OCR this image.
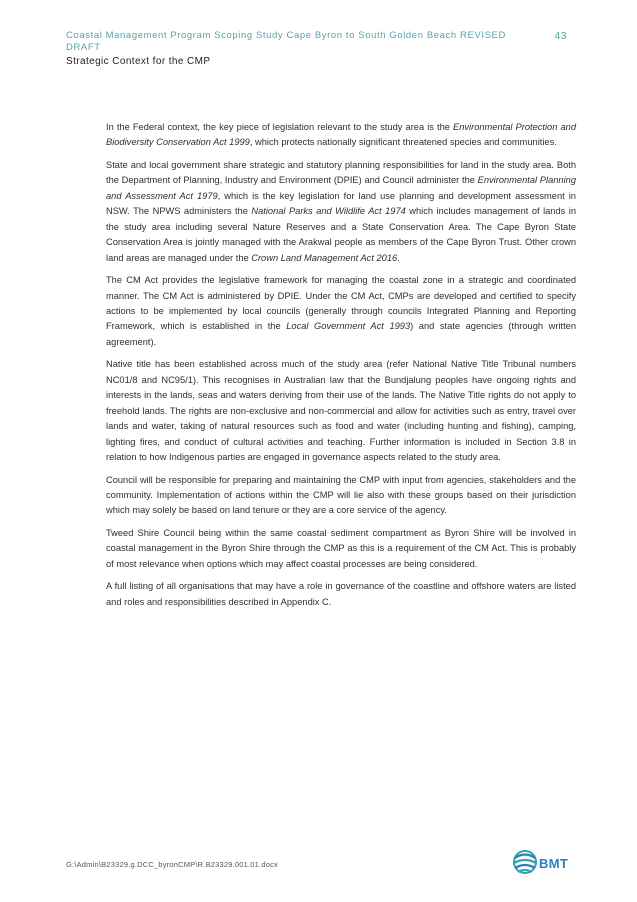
Coastal Management Program Scoping Study Cape Byron to South Golden Beach REVISED DRAFT
43
Strategic Context for the CMP

In the Federal context, the key piece of legislation relevant to the study area is the Environmental Protection and Biodiversity Conservation Act 1999, which protects nationally significant threatened species and communities.

State and local government share strategic and statutory planning responsibilities for land in the study area. Both the Department of Planning, Industry and Environment (DPIE) and Council administer the Environmental Planning and Assessment Act 1979, which is the key legislation for land use planning and development assessment in NSW. The NPWS administers the National Parks and Wildlife Act 1974 which includes management of lands in the study area including several Nature Reserves and a State Conservation Area. The Cape Byron State Conservation Area is jointly managed with the Arakwal people as members of the Cape Byron Trust. Other crown land areas are managed under the Crown Land Management Act 2016.

The CM Act provides the legislative framework for managing the coastal zone in a strategic and coordinated manner. The CM Act is administered by DPIE. Under the CM Act, CMPs are developed and certified to specify actions to be implemented by local councils (generally through councils Integrated Planning and Reporting Framework, which is established in the Local Government Act 1993) and state agencies (through written agreement).

Native title has been established across much of the study area (refer National Native Title Tribunal numbers NC01/8 and NC95/1). This recognises in Australian law that the Bundjalung peoples have ongoing rights and interests in the lands, seas and waters deriving from their use of the lands. The Native Title rights do not apply to freehold lands. The rights are non-exclusive and non-commercial and allow for activities such as entry, travel over lands and water, taking of natural resources such as food and water (including hunting and fishing), camping, lighting fires, and conduct of cultural activities and teaching. Further information is included in Section 3.8 in relation to how Indigenous parties are engaged in governance aspects related to the study area.

Council will be responsible for preparing and maintaining the CMP with input from agencies, stakeholders and the community. Implementation of actions within the CMP will lie also with these groups based on their jurisdiction which may solely be based on land tenure or they are a core service of the agency.

Tweed Shire Council being within the same coastal sediment compartment as Byron Shire will be involved in coastal management in the Byron Shire through the CMP as this is a requirement of the CM Act. This is probably of most relevance when options which may affect coastal processes are being considered.

A full listing of all organisations that may have a role in governance of the coastline and offshore waters are listed and roles and responsibilities described in Appendix C.

G:\Admin\B23329.g.DCC_byronCMP\R.B23329.001.01.docx	BMT
